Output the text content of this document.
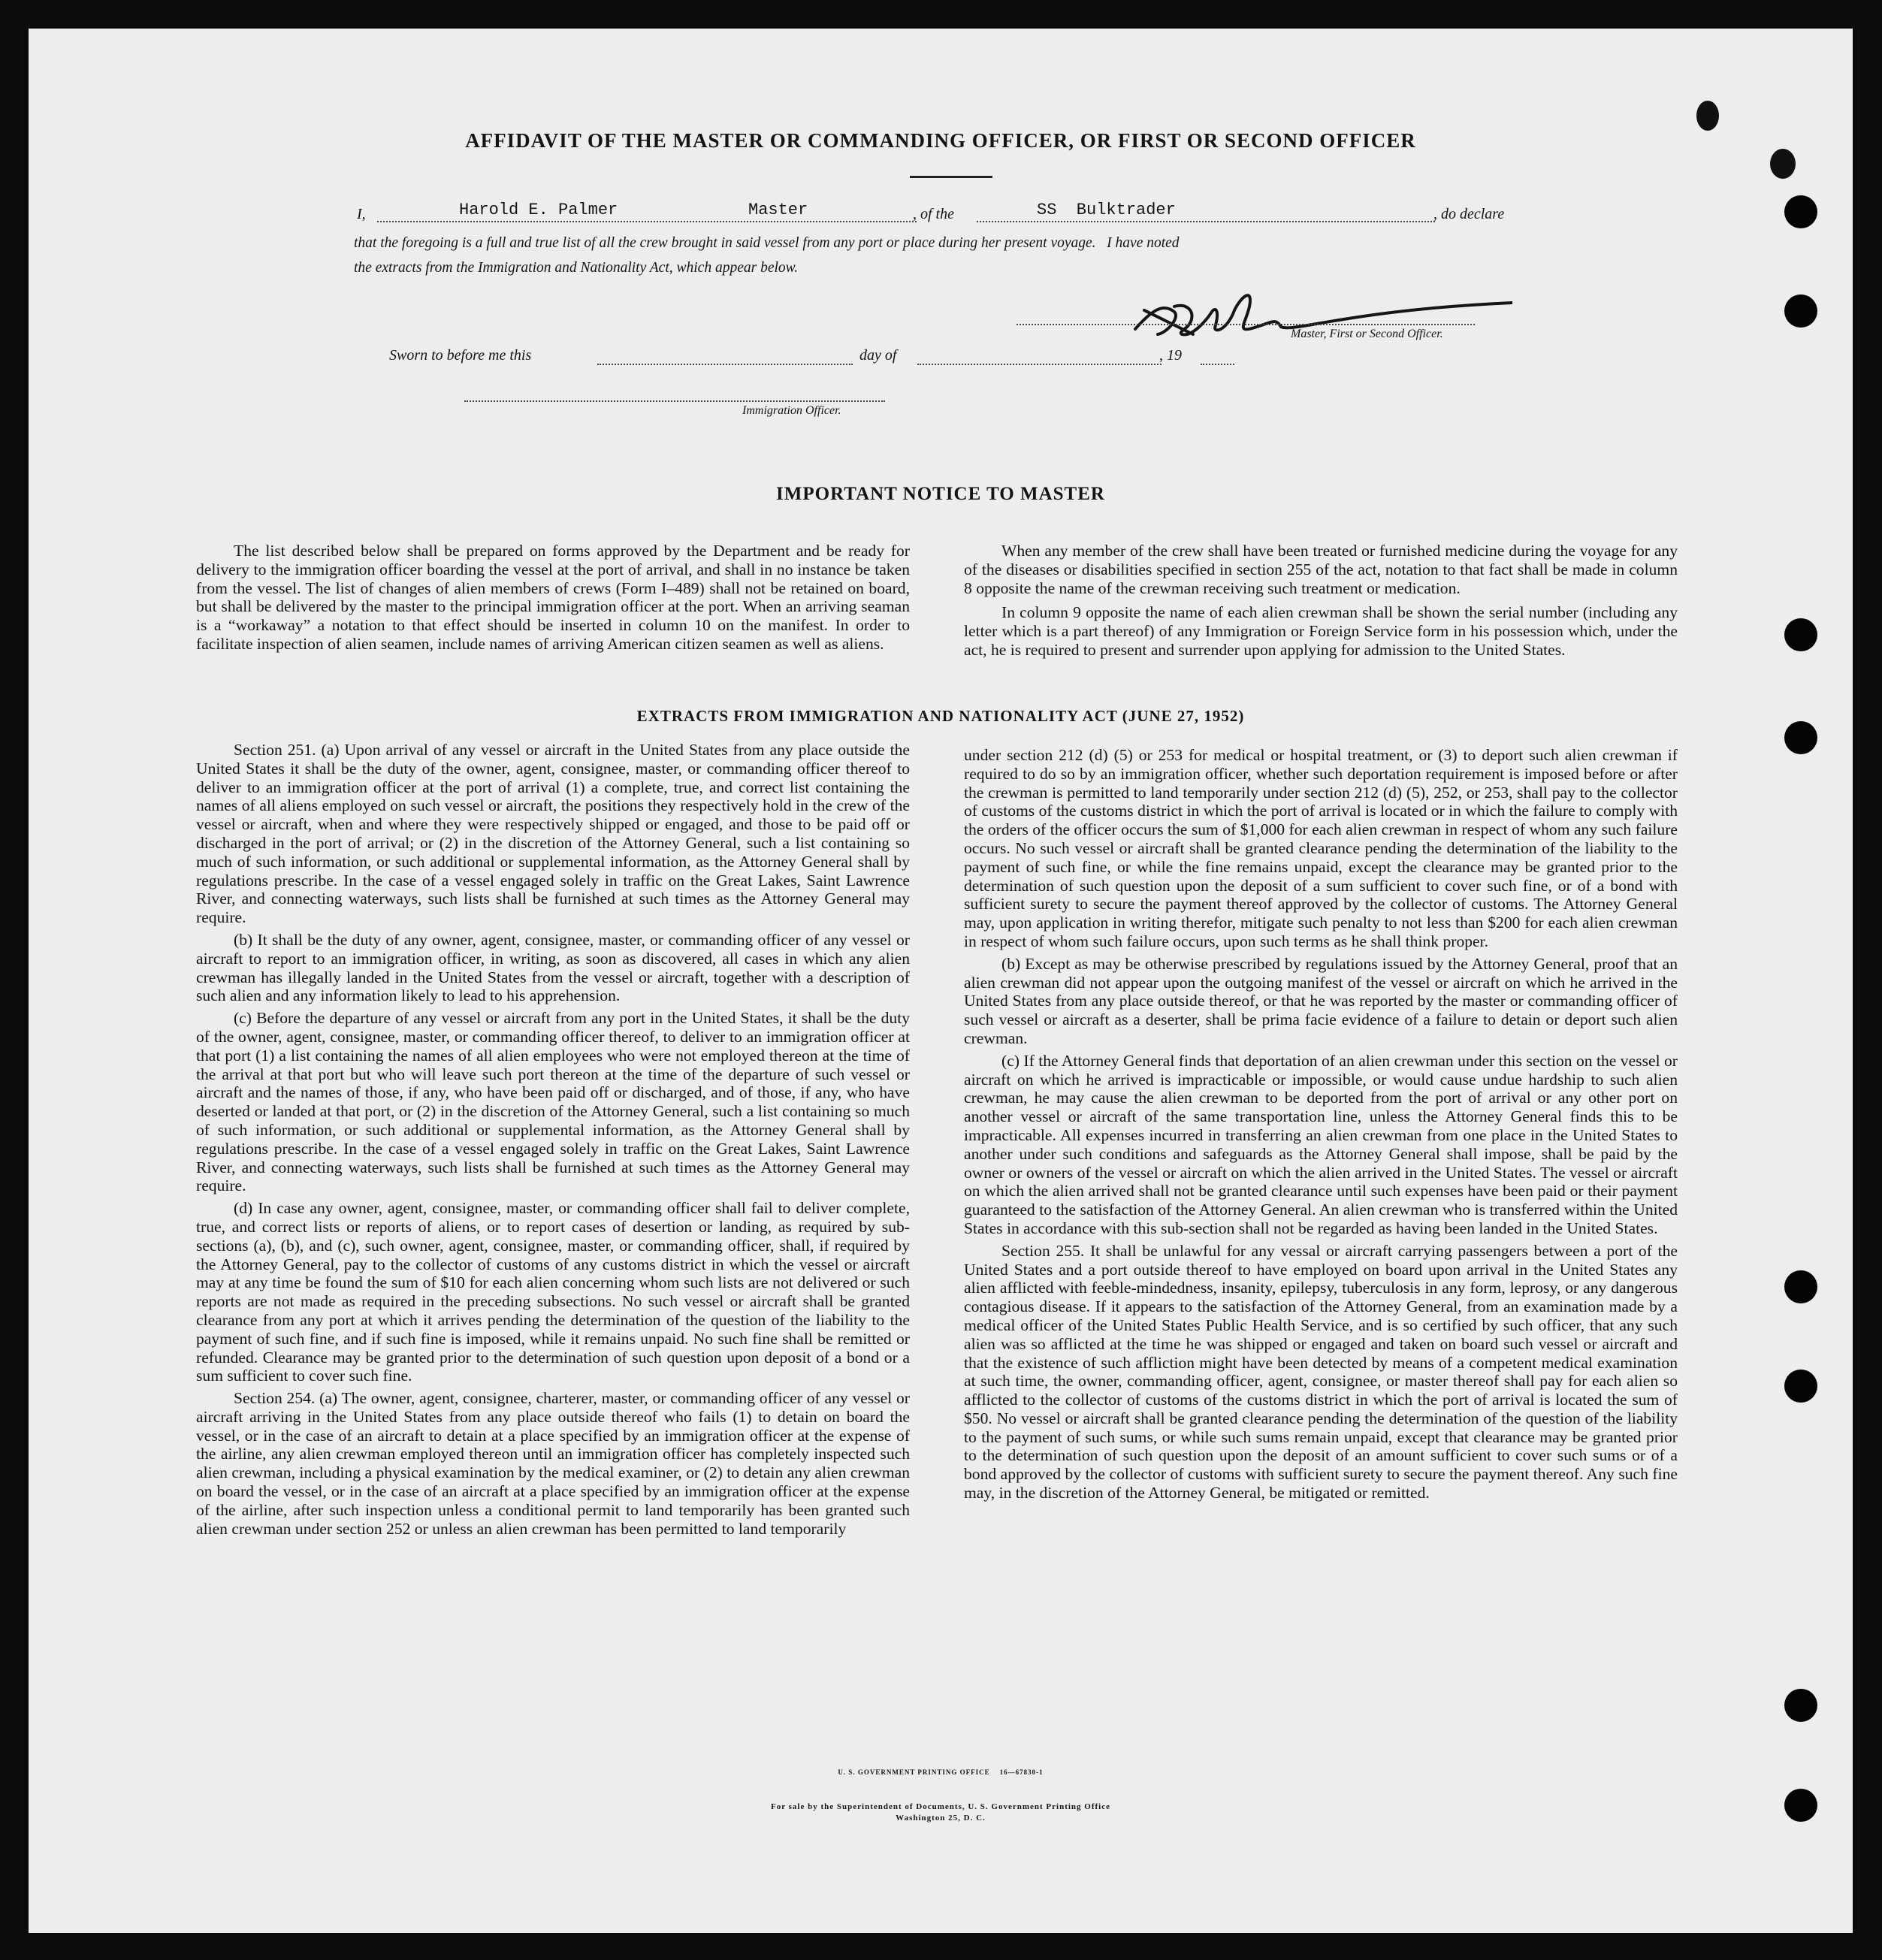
AFFIDAVIT OF THE MASTER OR COMMANDING OFFICER, OR FIRST OR SECOND OFFICER
I,	Harold E. Palmer	Master	, of the	SS  Bulktrader	, do declare
that the foregoing is a full and true list of all the crew brought in said vessel from any port or place during her present voyage.   I have noted
the extracts from the Immigration and Nationality Act, which appear below.
Master, First or Second Officer.
Sworn to before me this	day of	, 19
Immigration Officer.
IMPORTANT NOTICE TO MASTER

The list described below shall be prepared on forms approved by the Department and be ready for delivery to the immigration officer boarding the vessel at the port of arrival, and shall in no instance be taken from the vessel. The list of changes of alien members of crews (Form I–489) shall not be retained on board, but shall be delivered by the master to the principal immigration officer at the port. When an arriving seaman is a “workaway” a notation to that effect should be inserted in column 10 on the manifest. In order to facilitate inspection of alien seamen, include names of arriving American citizen seamen as well as aliens.

When any member of the crew shall have been treated or furnished medicine during the voyage for any of the diseases or disabilities specified in section 255 of the act, notation to that fact shall be made in column 8 opposite the name of the crewman receiving such treatment or medication.

In column 9 opposite the name of each alien crewman shall be shown the serial number (including any letter which is a part thereof) of any Immigration or Foreign Service form in his possession which, under the act, he is required to present and surrender upon applying for admission to the United States.

EXTRACTS FROM IMMIGRATION AND NATIONALITY ACT (JUNE 27, 1952)

Section 251. (a) Upon arrival of any vessel or aircraft in the United States from any place outside the United States it shall be the duty of the owner, agent, consignee, master, or commanding officer thereof to deliver to an immigration officer at the port of arrival (1) a complete, true, and correct list containing the names of all aliens employed on such vessel or aircraft, the positions they respectively hold in the crew of the vessel or aircraft, when and where they were respectively shipped or engaged, and those to be paid off or discharged in the port of arrival; or (2) in the discretion of the Attorney General, such a list containing so much of such information, or such additional or supplemental information, as the Attorney General shall by regulations prescribe. In the case of a vessel engaged solely in traffic on the Great Lakes, Saint Lawrence River, and connecting waterways, such lists shall be furnished at such times as the Attorney General may require.

(b) It shall be the duty of any owner, agent, consignee, master, or commanding officer of any vessel or aircraft to report to an immigration officer, in writing, as soon as discovered, all cases in which any alien crewman has illegally landed in the United States from the vessel or aircraft, together with a description of such alien and any information likely to lead to his apprehension.

(c) Before the departure of any vessel or aircraft from any port in the United States, it shall be the duty of the owner, agent, consignee, master, or commanding officer thereof, to deliver to an immigration officer at that port (1) a list containing the names of all alien employees who were not employed thereon at the time of the arrival at that port but who will leave such port thereon at the time of the departure of such vessel or aircraft and the names of those, if any, who have been paid off or discharged, and of those, if any, who have deserted or landed at that port, or (2) in the discretion of the Attorney General, such a list containing so much of such information, or such additional or supplemental information, as the Attorney General shall by regulations prescribe. In the case of a vessel engaged solely in traffic on the Great Lakes, Saint Lawrence River, and connecting waterways, such lists shall be furnished at such times as the Attorney General may require.

(d) In case any owner, agent, consignee, master, or commanding officer shall fail to deliver complete, true, and correct lists or reports of aliens, or to report cases of desertion or landing, as required by sub-sections (a), (b), and (c), such owner, agent, consignee, master, or commanding officer, shall, if required by the Attorney General, pay to the collector of customs of any customs district in which the vessel or aircraft may at any time be found the sum of $10 for each alien concerning whom such lists are not delivered or such reports are not made as required in the preceding subsections. No such vessel or aircraft shall be granted clearance from any port at which it arrives pending the determination of the question of the liability to the payment of such fine, and if such fine is imposed, while it remains unpaid. No such fine shall be remitted or refunded. Clearance may be granted prior to the determination of such question upon deposit of a bond or a sum sufficient to cover such fine.

Section 254. (a) The owner, agent, consignee, charterer, master, or commanding officer of any vessel or aircraft arriving in the United States from any place outside thereof who fails (1) to detain on board the vessel, or in the case of an aircraft to detain at a place specified by an immigration officer at the expense of the airline, any alien crewman employed thereon until an immigration officer has completely inspected such alien crewman, including a physical examination by the medical examiner, or (2) to detain any alien crewman on board the vessel, or in the case of an aircraft at a place specified by an immigration officer at the expense of the airline, after such inspection unless a conditional permit to land temporarily has been granted such alien crewman under section 252 or unless an alien crewman has been permitted to land temporarily

under section 212 (d) (5) or 253 for medical or hospital treatment, or (3) to deport such alien crewman if required to do so by an immigration officer, whether such deportation requirement is imposed before or after the crewman is permitted to land temporarily under section 212 (d) (5), 252, or 253, shall pay to the collector of customs of the customs district in which the port of arrival is located or in which the failure to comply with the orders of the officer occurs the sum of $1,000 for each alien crewman in respect of whom any such failure occurs. No such vessel or aircraft shall be granted clearance pending the determination of the liability to the payment of such fine, or while the fine remains unpaid, except the clearance may be granted prior to the determination of such question upon the deposit of a sum sufficient to cover such fine, or of a bond with sufficient surety to secure the payment thereof approved by the collector of customs. The Attorney General may, upon application in writing therefor, mitigate such penalty to not less than $200 for each alien crewman in respect of whom such failure occurs, upon such terms as he shall think proper.

(b) Except as may be otherwise prescribed by regulations issued by the Attorney General, proof that an alien crewman did not appear upon the outgoing manifest of the vessel or aircraft on which he arrived in the United States from any place outside thereof, or that he was reported by the master or commanding officer of such vessel or aircraft as a deserter, shall be prima facie evidence of a failure to detain or deport such alien crewman.

(c) If the Attorney General finds that deportation of an alien crewman under this section on the vessel or aircraft on which he arrived is impracticable or impossible, or would cause undue hardship to such alien crewman, he may cause the alien crewman to be deported from the port of arrival or any other port on another vessel or aircraft of the same transportation line, unless the Attorney General finds this to be impracticable. All expenses incurred in transferring an alien crewman from one place in the United States to another under such conditions and safeguards as the Attorney General shall impose, shall be paid by the owner or owners of the vessel or aircraft on which the alien arrived in the United States. The vessel or aircraft on which the alien arrived shall not be granted clearance until such expenses have been paid or their payment guaranteed to the satisfaction of the Attorney General. An alien crewman who is transferred within the United States in accordance with this sub-section shall not be regarded as having been landed in the United States.

Section 255. It shall be unlawful for any vessal or aircraft carrying passengers between a port of the United States and a port outside thereof to have employed on board upon arrival in the United States any alien afflicted with feeble-mindedness, insanity, epilepsy, tuberculosis in any form, leprosy, or any dangerous contagious disease. If it appears to the satisfaction of the Attorney General, from an examination made by a medical officer of the United States Public Health Service, and is so certified by such officer, that any such alien was so afflicted at the time he was shipped or engaged and taken on board such vessel or aircraft and that the existence of such affliction might have been detected by means of a competent medical examination at such time, the owner, commanding officer, agent, consignee, or master thereof shall pay for each alien so afflicted to the collector of customs of the customs district in which the port of arrival is located the sum of $50. No vessel or aircraft shall be granted clearance pending the determination of the question of the liability to the payment of such sums, or while such sums remain unpaid, except that clearance may be granted prior to the determination of such question upon the deposit of an amount sufficient to cover such sums or of a bond approved by the collector of customs with sufficient surety to secure the payment thereof. Any such fine may, in the discretion of the Attorney General, be mitigated or remitted.

U. S. GOVERNMENT PRINTING OFFICE    16—67830-1
For sale by the Superintendent of Documents, U. S. Government Printing Office
Washington 25, D. C.
